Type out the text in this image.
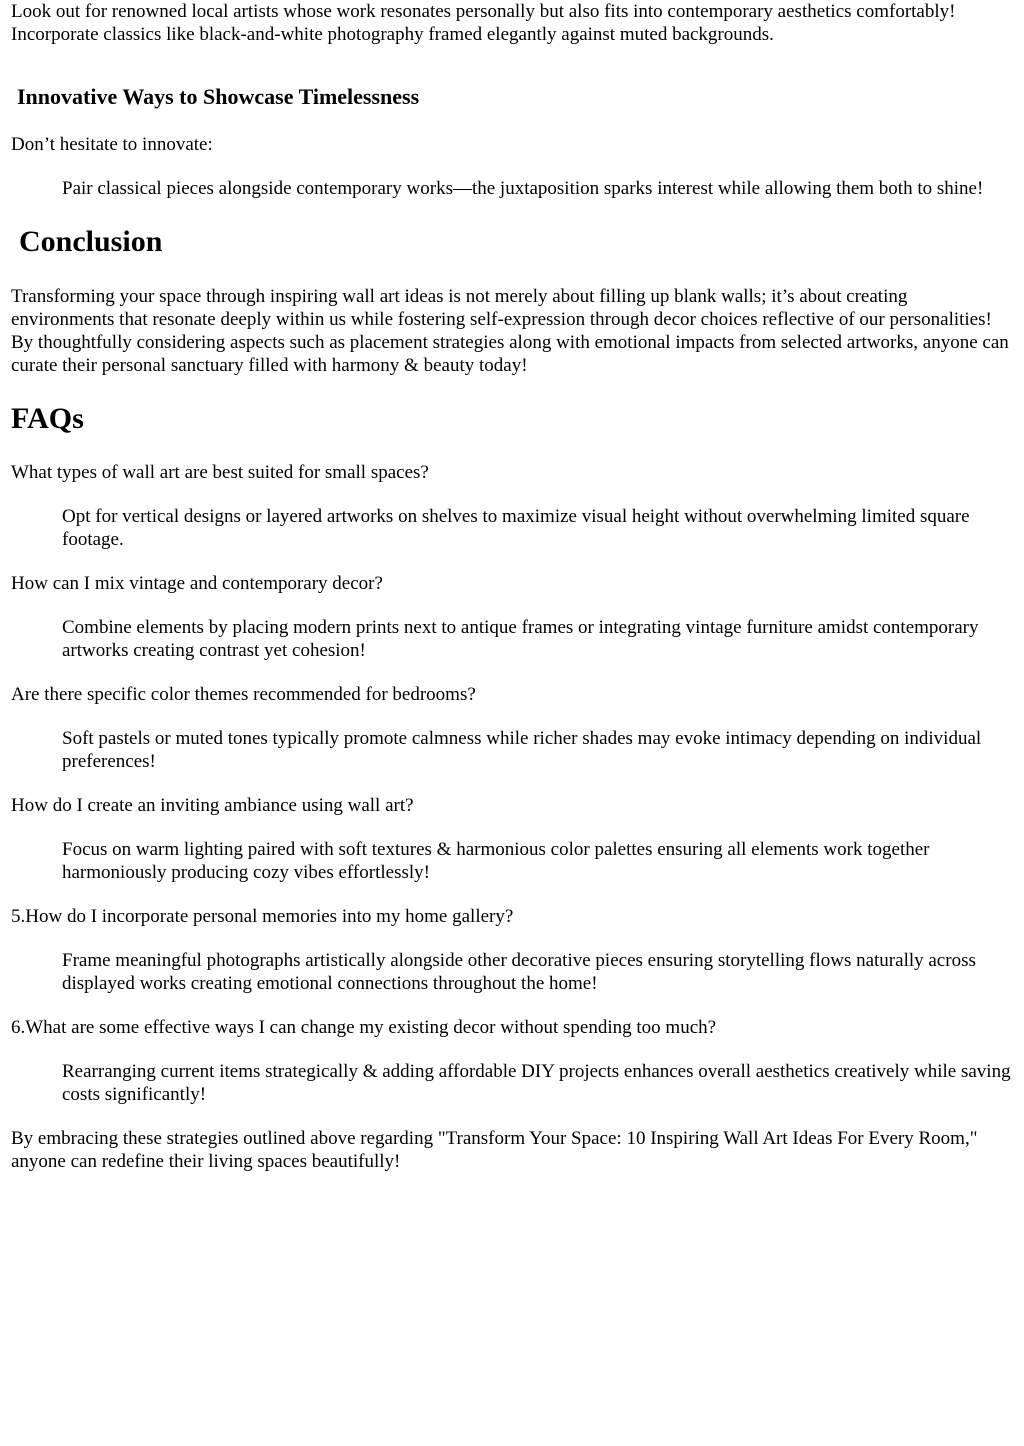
Look out for renowned local artists whose work resonates personally but also fits into contemporary aesthetics comfortably! Incorporate classics like black-and-white photography framed elegantly against muted backgrounds.

Innovative Ways to Showcase Timelessness

Don’t hesitate to innovate:

Pair classical pieces alongside contemporary works—the juxtaposition sparks interest while allowing them both to shine!

Conclusion

Transforming your space through inspiring wall art ideas is not merely about filling up blank walls; it’s about creating environments that resonate deeply within us while fostering self-expression through decor choices reflective of our personalities! By thoughtfully considering aspects such as placement strategies along with emotional impacts from selected artworks, anyone can curate their personal sanctuary filled with harmony & beauty today!

FAQs

What types of wall art are best suited for small spaces?

Opt for vertical designs or layered artworks on shelves to maximize visual height without overwhelming limited square footage.

How can I mix vintage and contemporary decor?

Combine elements by placing modern prints next to antique frames or integrating vintage furniture amidst contemporary artworks creating contrast yet cohesion!

Are there specific color themes recommended for bedrooms?

Soft pastels or muted tones typically promote calmness while richer shades may evoke intimacy depending on individual preferences!

How do I create an inviting ambiance using wall art?

Focus on warm lighting paired with soft textures & harmonious color palettes ensuring all elements work together harmoniously producing cozy vibes effortlessly!

5.How do I incorporate personal memories into my home gallery?

Frame meaningful photographs artistically alongside other decorative pieces ensuring storytelling flows naturally across displayed works creating emotional connections throughout the home!

6.What are some effective ways I can change my existing decor without spending too much?

Rearranging current items strategically & adding affordable DIY projects enhances overall aesthetics creatively while saving costs significantly!

By embracing these strategies outlined above regarding "Transform Your Space: 10 Inspiring Wall Art Ideas For Every Room," anyone can redefine their living spaces beautifully!
